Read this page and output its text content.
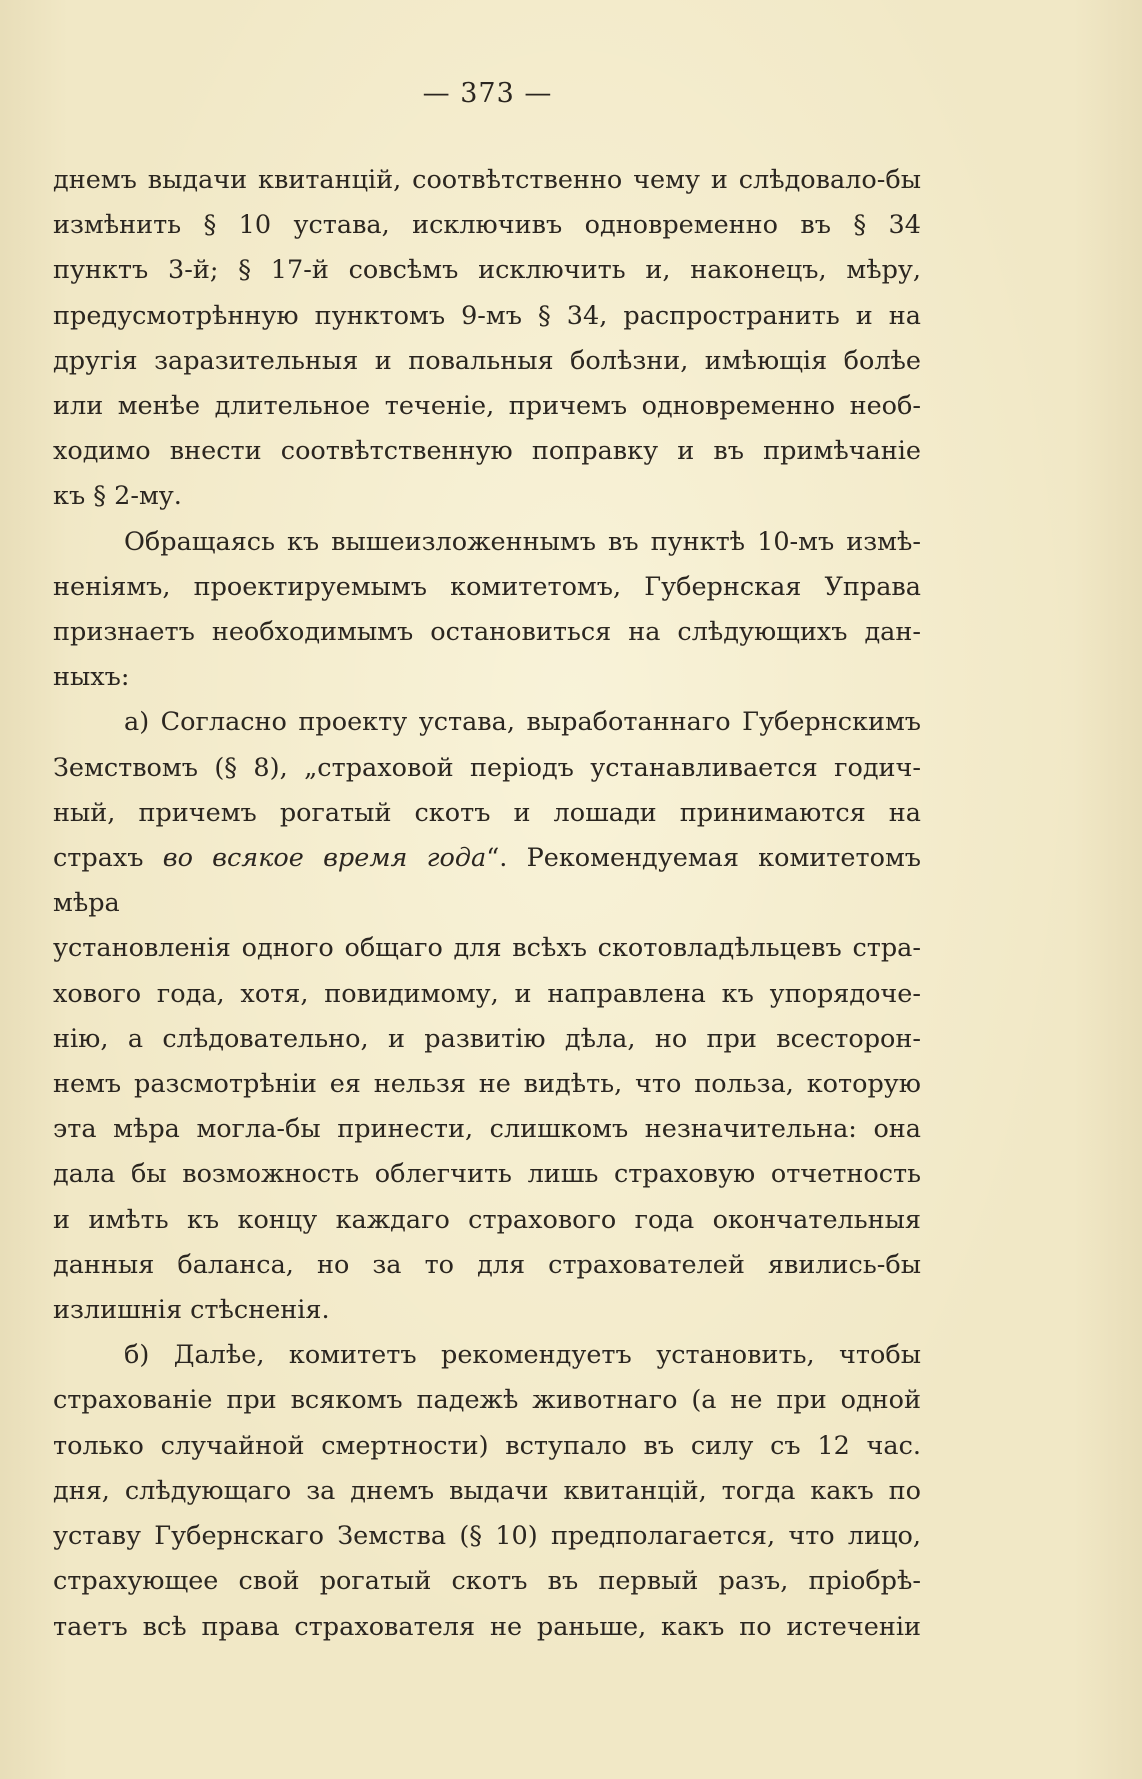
— 373 —
днемъ выдачи квитанцій, соотвѣтственно чему и слѣдовало-бы
измѣнить § 10 устава, исключивъ одновременно въ § 34
пунктъ 3-й; § 17-й совсѣмъ исключить и, наконецъ, мѣру,
предусмотрѣнную пунктомъ 9-мъ § 34, распространить и на
другія заразительныя и повальныя болѣзни, имѣющія болѣе
или менѣе длительное теченіе, причемъ одновременно необ-
ходимо внести соотвѣтственную поправку и въ примѣчаніе
къ § 2-му.
Обращаясь къ вышеизложеннымъ въ пунктѣ 10-мъ измѣ-
неніямъ, проектируемымъ комитетомъ, Губернская Управа
признаетъ необходимымъ остановиться на слѣдующихъ дан-
ныхъ:
а) Согласно проекту устава, выработаннаго Губернскимъ
Земствомъ (§ 8), „страховой періодъ устанавливается годич-
ный, причемъ рогатый скотъ и лошади принимаются на
страхъ во всякое время года“. Рекомендуемая комитетомъ мѣра
установленія одного общаго для всѣхъ скотовладѣльцевъ стра-
хового года, хотя, повидимому, и направлена къ упорядоче-
нію, а слѣдовательно, и развитію дѣла, но при всесторон-
немъ разсмотрѣніи ея нельзя не видѣть, что польза, которую
эта мѣра могла-бы принести, слишкомъ незначительна: она
дала бы возможность облегчить лишь страховую отчетность
и имѣть къ концу каждаго страхового года окончательныя
данныя баланса, но за то для страхователей явились-бы
излишнія стѣсненія.
б) Далѣе, комитетъ рекомендуетъ установить, чтобы
страхованіе при всякомъ падежѣ животнаго (а не при одной
только случайной смертности) вступало въ силу съ 12 час.
дня, слѣдующаго за днемъ выдачи квитанцій, тогда какъ по
уставу Губернскаго Земства (§ 10) предполагается, что лицо,
страхующее свой рогатый скотъ въ первый разъ, пріобрѣ-
таетъ всѣ права страхователя не раньше, какъ по истеченіи
